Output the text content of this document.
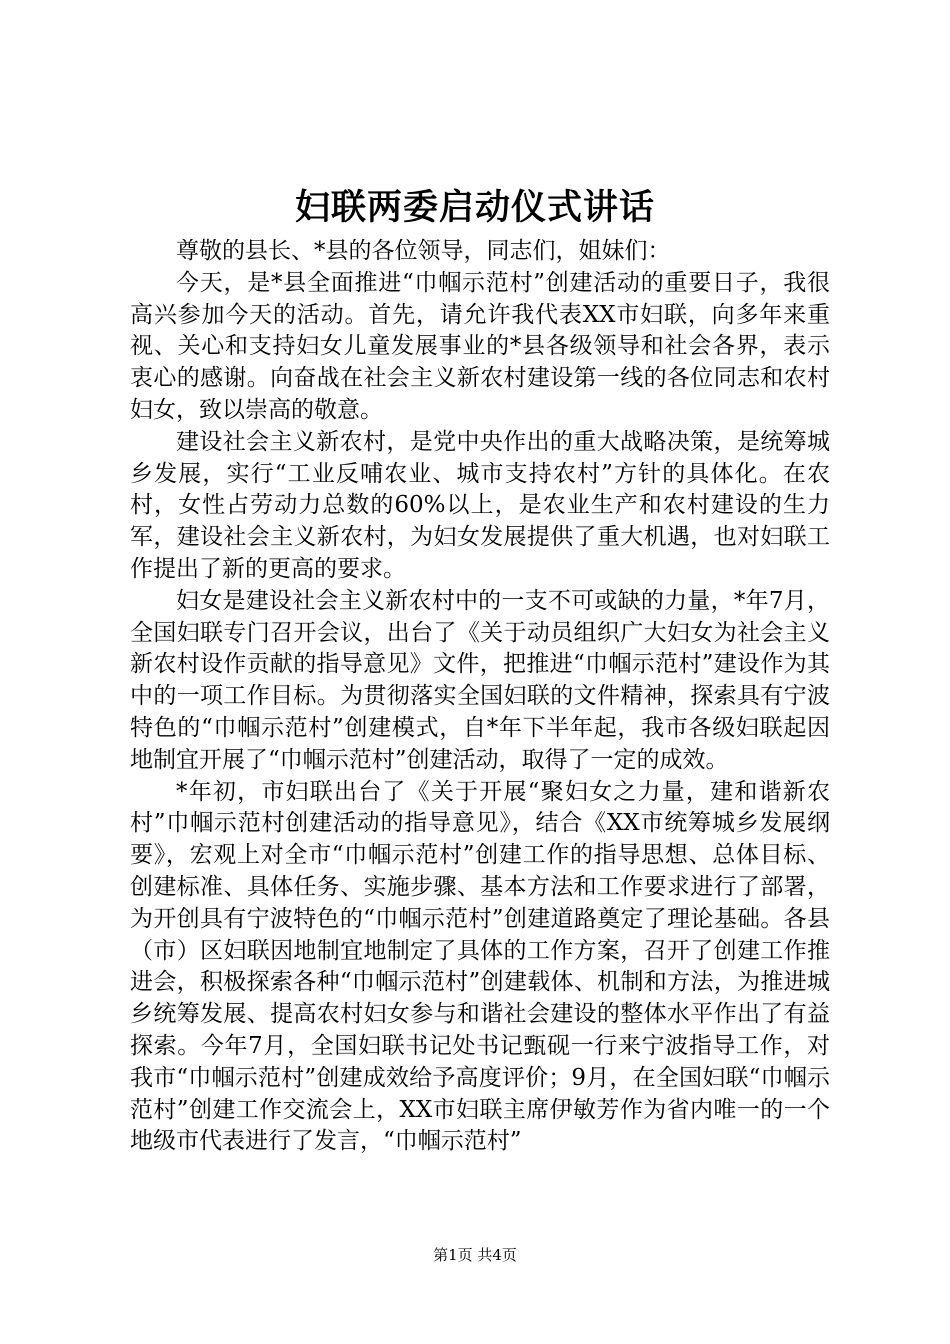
妇联两委启动仪式讲话

尊敬的县长、*县的各位领导，同志们，姐妹们：

今天，是*县全面推进“巾帼示范村”创建活动的重要日子，我很高兴参加今天的活动。首先，请允许我代表XX市妇联，向多年来重视、关心和支持妇女儿童发展事业的*县各级领导和社会各界，表示衷心的感谢。向奋战在社会主义新农村建设第一线的各位同志和农村妇女，致以崇高的敬意。

建设社会主义新农村，是党中央作出的重大战略决策，是统筹城乡发展，实行“工业反哺农业、城市支持农村”方针的具体化。在农村，女性占劳动力总数的60%以上，是农业生产和农村建设的生力军，建设社会主义新农村，为妇女发展提供了重大机遇，也对妇联工作提出了新的更高的要求。

妇女是建设社会主义新农村中的一支不可或缺的力量，*年7月，全国妇联专门召开会议，出台了《关于动员组织广大妇女为社会主义新农村设作贡献的指导意见》文件，把推进“巾帼示范村”建设作为其中的一项工作目标。为贯彻落实全国妇联的文件精神，探索具有宁波特色的“巾帼示范村”创建模式，自*年下半年起，我市各级妇联起因地制宜开展了“巾帼示范村”创建活动，取得了一定的成效。

*年初，市妇联出台了《关于开展“聚妇女之力量，建和谐新农村”巾帼示范村创建活动的指导意见》，结合《XX市统筹城乡发展纲要》，宏观上对全市“巾帼示范村”创建工作的指导思想、总体目标、创建标准、具体任务、实施步骤、基本方法和工作要求进行了部署，为开创具有宁波特色的“巾帼示范村”创建道路奠定了理论基础。各县（市）区妇联因地制宜地制定了具体的工作方案，召开了创建工作推进会，积极探索各种“巾帼示范村”创建载体、机制和方法，为推进城乡统筹发展、提高农村妇女参与和谐社会建设的整体水平作出了有益探索。今年7月，全国妇联书记处书记甄砚一行来宁波指导工作，对我市“巾帼示范村”创建成效给予高度评价；9月，在全国妇联“巾帼示范村”创建工作交流会上，XX市妇联主席伊敏芳作为省内唯一的一个地级市代表进行了发言，“巾帼示范村”

第1页 共4页
